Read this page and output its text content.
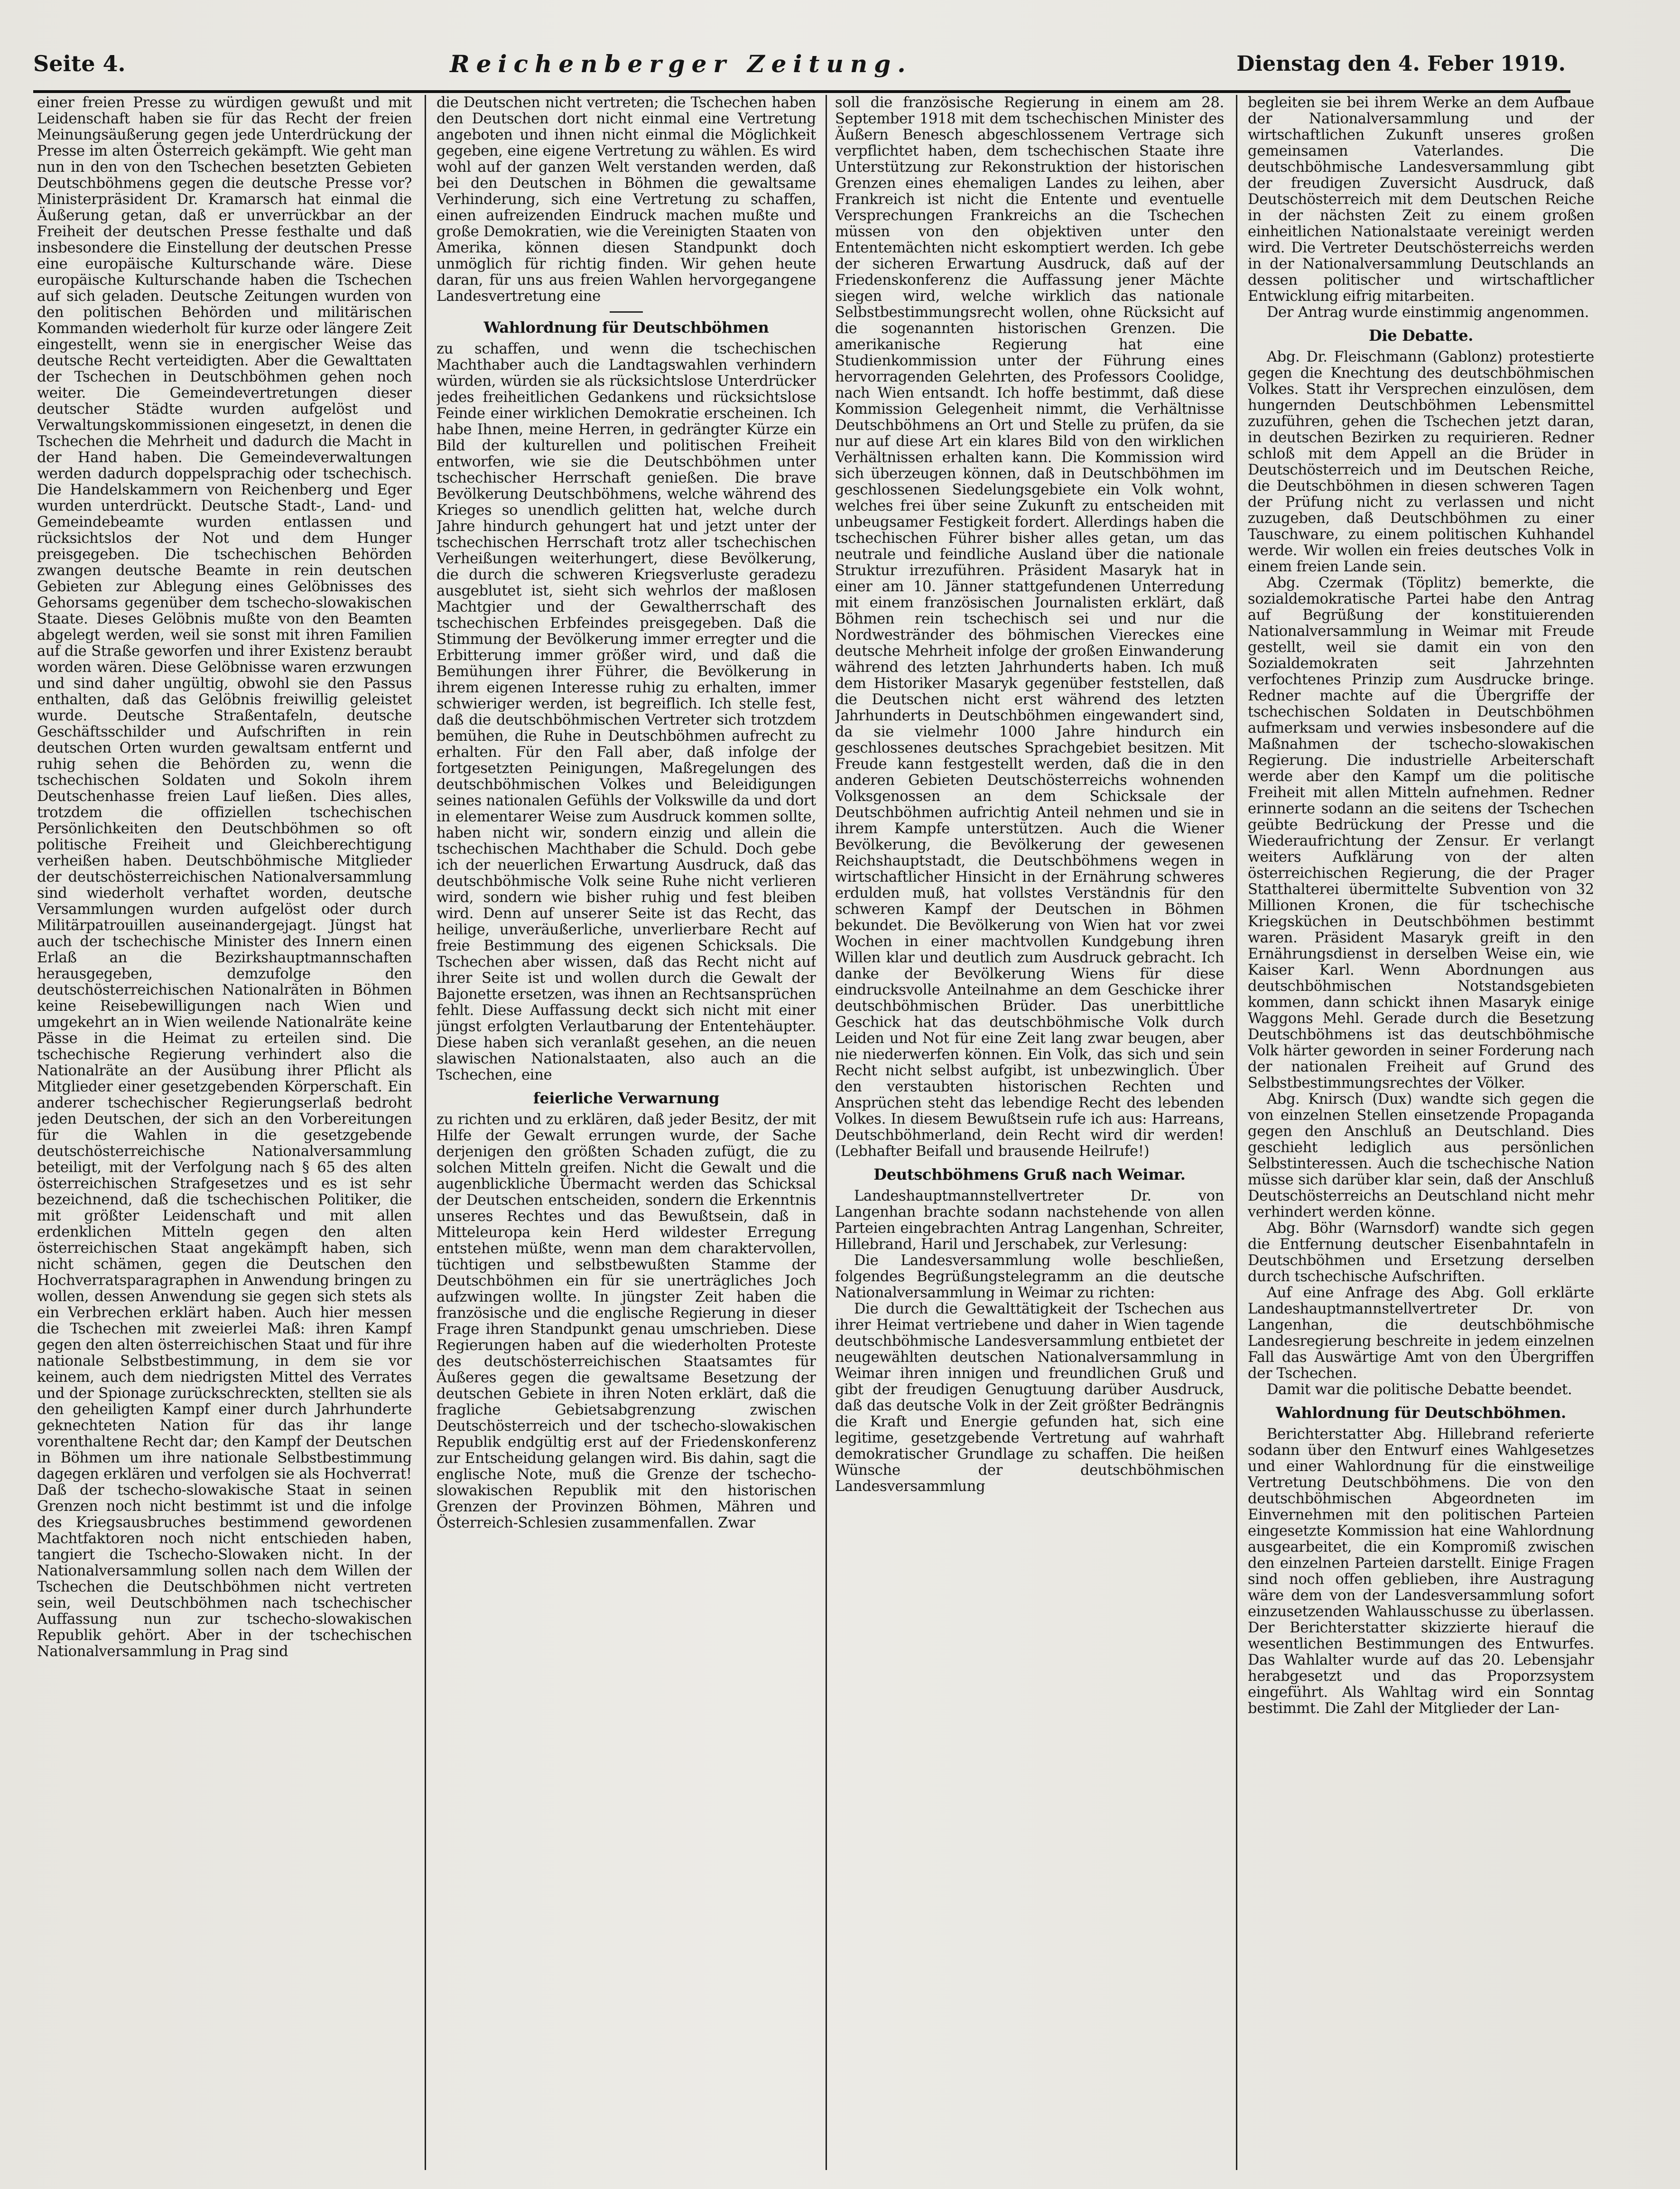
Seite 4.	Reichenberger Zeitung.	Dienstag den 4. Feber 1919.

einer freien Presse zu würdigen gewußt und mit Leidenschaft haben sie für das Recht der freien Meinungsäußerung gegen jede Unterdrückung der Presse im alten Österreich gekämpft. Wie geht man nun in den von den Tschechen besetzten Gebieten Deutschböhmens gegen die deutsche Presse vor? Ministerpräsident Dr. Kramarsch hat einmal die Äußerung getan, daß er unverrückbar an der Freiheit der deutschen Presse festhalte und daß insbesondere die Einstellung der deutschen Presse eine europäische Kulturschande wäre. Diese europäische Kulturschande haben die Tschechen auf sich geladen. Deutsche Zeitungen wurden von den politischen Behörden und militärischen Kommanden wiederholt für kurze oder längere Zeit eingestellt, wenn sie in energischer Weise das deutsche Recht verteidigten. Aber die Gewalttaten der Tschechen in Deutschböhmen gehen noch weiter. Die Gemeindevertretungen dieser deutscher Städte wurden aufgelöst und Verwaltungskommissionen eingesetzt, in denen die Tschechen die Mehrheit und dadurch die Macht in der Hand haben. Die Gemeindeverwaltungen werden dadurch doppelsprachig oder tschechisch. Die Handelskammern von Reichenberg und Eger wurden unterdrückt. Deutsche Stadt-, Land- und Gemeindebeamte wurden entlassen und rücksichtslos der Not und dem Hunger preisgegeben. Die tschechischen Behörden zwangen deutsche Beamte in rein deutschen Gebieten zur Ablegung eines Gelöbnisses des Gehorsams gegenüber dem tschecho-slowakischen Staate. Dieses Gelöbnis mußte von den Beamten abgelegt werden, weil sie sonst mit ihren Familien auf die Straße geworfen und ihrer Existenz beraubt worden wären. Diese Gelöbnisse waren erzwungen und sind daher ungültig, obwohl sie den Passus enthalten, daß das Gelöbnis freiwillig geleistet wurde. Deutsche Straßentafeln, deutsche Geschäftsschilder und Aufschriften in rein deutschen Orten wurden gewaltsam entfernt und ruhig sehen die Behörden zu, wenn die tschechischen Soldaten und Sokoln ihrem Deutschenhasse freien Lauf ließen. Dies alles, trotzdem die offiziellen tschechischen Persönlichkeiten den Deutschböhmen so oft politische Freiheit und Gleichberechtigung verheißen haben. Deutschböhmische Mitglieder der deutschösterreichischen Nationalversammlung sind wiederholt verhaftet worden, deutsche Versammlungen wurden aufgelöst oder durch Militärpatrouillen auseinandergejagt. Jüngst hat auch der tschechische Minister des Innern einen Erlaß an die Bezirkshauptmannschaften herausgegeben, demzufolge den deutschösterreichischen Nationalräten in Böhmen keine Reisebewilligungen nach Wien und umgekehrt an in Wien weilende Nationalräte keine Pässe in die Heimat zu erteilen sind. Die tschechische Regierung verhindert also die Nationalräte an der Ausübung ihrer Pflicht als Mitglieder einer gesetzgebenden Körperschaft. Ein anderer tschechischer Regierungserlaß bedroht jeden Deutschen, der sich an den Vorbereitungen für die Wahlen in die gesetzgebende deutschösterreichische Nationalversammlung beteiligt, mit der Verfolgung nach § 65 des alten österreichischen Strafgesetzes und es ist sehr bezeichnend, daß die tschechischen Politiker, die mit größter Leidenschaft und mit allen erdenklichen Mitteln gegen den alten österreichischen Staat angekämpft haben, sich nicht schämen, gegen die Deutschen den Hochverratsparagraphen in Anwendung bringen zu wollen, dessen Anwendung sie gegen sich stets als ein Verbrechen erklärt haben. Auch hier messen die Tschechen mit zweierlei Maß: ihren Kampf gegen den alten österreichischen Staat und für ihre nationale Selbstbestimmung, in dem sie vor keinem, auch dem niedrigsten Mittel des Verrates und der Spionage zurückschreckten, stellten sie als den geheiligten Kampf einer durch Jahrhunderte geknechteten Nation für das ihr lange vorenthaltene Recht dar; den Kampf der Deutschen in Böhmen um ihre nationale Selbstbestimmung dagegen erklären und verfolgen sie als Hochverrat! Daß der tschecho-slowakische Staat in seinen Grenzen noch nicht bestimmt ist und die infolge des Kriegsausbruches bestimmend gewordenen Machtfaktoren noch nicht entschieden haben, tangiert die Tschecho-Slowaken nicht. In der Nationalversammlung sollen nach dem Willen der Tschechen die Deutschböhmen nicht vertreten sein, weil Deutschböhmen nach tschechischer Auffassung nun zur tschecho-slowakischen Republik gehört. Aber in der tschechischen Nationalversammlung in Prag sind

die Deutschen nicht vertreten; die Tschechen haben den Deutschen dort nicht einmal eine Vertretung angeboten und ihnen nicht einmal die Möglichkeit gegeben, eine eigene Vertretung zu wählen. Es wird wohl auf der ganzen Welt verstanden werden, daß bei den Deutschen in Böhmen die gewaltsame Verhinderung, sich eine Vertretung zu schaffen, einen aufreizenden Eindruck machen mußte und große Demokratien, wie die Vereinigten Staaten von Amerika, können diesen Standpunkt doch unmöglich für richtig finden. Wir gehen heute daran, für uns aus freien Wahlen hervorgegangene Landesvertretung eine

Wahlordnung für Deutschböhmen

zu schaffen, und wenn die tschechischen Machthaber auch die Landtagswahlen verhindern würden, würden sie als rücksichtslose Unterdrücker jedes freiheitlichen Gedankens und rücksichtslose Feinde einer wirklichen Demokratie erscheinen. Ich habe Ihnen, meine Herren, in gedrängter Kürze ein Bild der kulturellen und politischen Freiheit entworfen, wie sie die Deutschböhmen unter tschechischer Herrschaft genießen. Die brave Bevölkerung Deutschböhmens, welche während des Krieges so unendlich gelitten hat, welche durch Jahre hindurch gehungert hat und jetzt unter der tschechischen Herrschaft trotz aller tschechischen Verheißungen weiterhungert, diese Bevölkerung, die durch die schweren Kriegsverluste geradezu ausgeblutet ist, sieht sich wehrlos der maßlosen Machtgier und der Gewaltherrschaft des tschechischen Erbfeindes preisgegeben. Daß die Stimmung der Bevölkerung immer erregter und die Erbitterung immer größer wird, und daß die Bemühungen ihrer Führer, die Bevölkerung in ihrem eigenen Interesse ruhig zu erhalten, immer schwieriger werden, ist begreiflich. Ich stelle fest, daß die deutschböhmischen Vertreter sich trotzdem bemühen, die Ruhe in Deutschböhmen aufrecht zu erhalten. Für den Fall aber, daß infolge der fortgesetzten Peinigungen, Maßregelungen des deutschböhmischen Volkes und Beleidigungen seines nationalen Gefühls der Volkswille da und dort in elementarer Weise zum Ausdruck kommen sollte, haben nicht wir, sondern einzig und allein die tschechischen Machthaber die Schuld. Doch gebe ich der neuerlichen Erwartung Ausdruck, daß das deutschböhmische Volk seine Ruhe nicht verlieren wird, sondern wie bisher ruhig und fest bleiben wird. Denn auf unserer Seite ist das Recht, das heilige, unveräußerliche, unverlierbare Recht auf freie Bestimmung des eigenen Schicksals. Die Tschechen aber wissen, daß das Recht nicht auf ihrer Seite ist und wollen durch die Gewalt der Bajonette ersetzen, was ihnen an Rechtsansprüchen fehlt. Diese Auffassung deckt sich nicht mit einer jüngst erfolgten Verlautbarung der Ententehäupter. Diese haben sich veranlaßt gesehen, an die neuen slawischen Nationalstaaten, also auch an die Tschechen, eine

feierliche Verwarnung

zu richten und zu erklären, daß jeder Besitz, der mit Hilfe der Gewalt errungen wurde, der Sache derjenigen den größten Schaden zufügt, die zu solchen Mitteln greifen. Nicht die Gewalt und die augenblickliche Übermacht werden das Schicksal der Deutschen entscheiden, sondern die Erkenntnis unseres Rechtes und das Bewußtsein, daß in Mitteleuropa kein Herd wildester Erregung entstehen müßte, wenn man dem charaktervollen, tüchtigen und selbstbewußten Stamme der Deutschböhmen ein für sie unerträgliches Joch aufzwingen wollte. In jüngster Zeit haben die französische und die englische Regierung in dieser Frage ihren Standpunkt genau umschrieben. Diese Regierungen haben auf die wiederholten Proteste des deutschösterreichischen Staatsamtes für Äußeres gegen die gewaltsame Besetzung der deutschen Gebiete in ihren Noten erklärt, daß die fragliche Gebietsabgrenzung zwischen Deutschösterreich und der tschecho-slowakischen Republik endgültig erst auf der Friedenskonferenz zur Entscheidung gelangen wird. Bis dahin, sagt die englische Note, muß die Grenze der tschecho-slowakischen Republik mit den historischen Grenzen der Provinzen Böhmen, Mähren und Österreich-Schlesien zusammenfallen. Zwar

soll die französische Regierung in einem am 28. September 1918 mit dem tschechischen Minister des Äußern Benesch abgeschlossenem Vertrage sich verpflichtet haben, dem tschechischen Staate ihre Unterstützung zur Rekonstruktion der historischen Grenzen eines ehemaligen Landes zu leihen, aber Frankreich ist nicht die Entente und eventuelle Versprechungen Frankreichs an die Tschechen müssen von den objektiven unter den Ententemächten nicht eskomptiert werden. Ich gebe der sicheren Erwartung Ausdruck, daß auf der Friedenskonferenz die Auffassung jener Mächte siegen wird, welche wirklich das nationale Selbstbestimmungsrecht wollen, ohne Rücksicht auf die sogenannten historischen Grenzen. Die amerikanische Regierung hat eine Studienkommission unter der Führung eines hervorragenden Gelehrten, des Professors Coolidge, nach Wien entsandt. Ich hoffe bestimmt, daß diese Kommission Gelegenheit nimmt, die Verhältnisse Deutschböhmens an Ort und Stelle zu prüfen, da sie nur auf diese Art ein klares Bild von den wirklichen Verhältnissen erhalten kann. Die Kommission wird sich überzeugen können, daß in Deutschböhmen im geschlossenen Siedelungsgebiete ein Volk wohnt, welches frei über seine Zukunft zu entscheiden mit unbeugsamer Festigkeit fordert. Allerdings haben die tschechischen Führer bisher alles getan, um das neutrale und feindliche Ausland über die nationale Struktur irrezuführen. Präsident Masaryk hat in einer am 10. Jänner stattgefundenen Unterredung mit einem französischen Journalisten erklärt, daß Böhmen rein tschechisch sei und nur die Nordwestränder des böhmischen Viereckes eine deutsche Mehrheit infolge der großen Einwanderung während des letzten Jahrhunderts haben. Ich muß dem Historiker Masaryk gegenüber feststellen, daß die Deutschen nicht erst während des letzten Jahrhunderts in Deutschböhmen eingewandert sind, da sie vielmehr 1000 Jahre hindurch ein geschlossenes deutsches Sprachgebiet besitzen. Mit Freude kann festgestellt werden, daß die in den anderen Gebieten Deutschösterreichs wohnenden Volksgenossen an dem Schicksale der Deutschböhmen aufrichtig Anteil nehmen und sie in ihrem Kampfe unterstützen. Auch die Wiener Bevölkerung, die Bevölkerung der gewesenen Reichshauptstadt, die Deutschböhmens wegen in wirtschaftlicher Hinsicht in der Ernährung schweres erdulden muß, hat vollstes Verständnis für den schweren Kampf der Deutschen in Böhmen bekundet. Die Bevölkerung von Wien hat vor zwei Wochen in einer machtvollen Kundgebung ihren Willen klar und deutlich zum Ausdruck gebracht. Ich danke der Bevölkerung Wiens für diese eindrucksvolle Anteilnahme an dem Geschicke ihrer deutschböhmischen Brüder. Das unerbittliche Geschick hat das deutschböhmische Volk durch Leiden und Not für eine Zeit lang zwar beugen, aber nie niederwerfen können. Ein Volk, das sich und sein Recht nicht selbst aufgibt, ist unbezwinglich. Über den verstaubten historischen Rechten und Ansprüchen steht das lebendige Recht des lebenden Volkes. In diesem Bewußtsein rufe ich aus: Harreans, Deutschböhmerland, dein Recht wird dir werden! (Lebhafter Beifall und brausende Heilrufe!)

Deutschböhmens Gruß nach Weimar.

Landeshauptmannstellvertreter Dr. von Langenhan brachte sodann nachstehende von allen Parteien eingebrachten Antrag Langenhan, Schreiter, Hillebrand, Haril und Jerschabek, zur Verlesung:

Die Landesversammlung wolle beschließen, folgendes Begrüßungstelegramm an die deutsche Nationalversammlung in Weimar zu richten:

Die durch die Gewalttätigkeit der Tschechen aus ihrer Heimat vertriebene und daher in Wien tagende deutschböhmische Landesversammlung entbietet der neugewählten deutschen Nationalversammlung in Weimar ihren innigen und freundlichen Gruß und gibt der freudigen Genugtuung darüber Ausdruck, daß das deutsche Volk in der Zeit größter Bedrängnis die Kraft und Energie gefunden hat, sich eine legitime, gesetzgebende Vertretung auf wahrhaft demokratischer Grundlage zu schaffen. Die heißen Wünsche der deutschböhmischen Landesversammlung

begleiten sie bei ihrem Werke an dem Aufbaue der Nationalversammlung und der wirtschaftlichen Zukunft unseres großen gemeinsamen Vaterlandes. Die deutschböhmische Landesversammlung gibt der freudigen Zuversicht Ausdruck, daß Deutschösterreich mit dem Deutschen Reiche in der nächsten Zeit zu einem großen einheitlichen Nationalstaate vereinigt werden wird. Die Vertreter Deutschösterreichs werden in der Nationalversammlung Deutschlands an dessen politischer und wirtschaftlicher Entwicklung eifrig mitarbeiten.

Der Antrag wurde einstimmig angenommen.

Die Debatte.

Abg. Dr. Fleischmann (Gablonz) protestierte gegen die Knechtung des deutschböhmischen Volkes. Statt ihr Versprechen einzulösen, dem hungernden Deutschböhmen Lebensmittel zuzuführen, gehen die Tschechen jetzt daran, in deutschen Bezirken zu requirieren. Redner schloß mit dem Appell an die Brüder in Deutschösterreich und im Deutschen Reiche, die Deutschböhmen in diesen schweren Tagen der Prüfung nicht zu verlassen und nicht zuzugeben, daß Deutschböhmen zu einer Tauschware, zu einem politischen Kuhhandel werde. Wir wollen ein freies deutsches Volk in einem freien Lande sein.

Abg. Czermak (Töplitz) bemerkte, die sozialdemokratische Partei habe den Antrag auf Begrüßung der konstituierenden Nationalversammlung in Weimar mit Freude gestellt, weil sie damit ein von den Sozialdemokraten seit Jahrzehnten verfochtenes Prinzip zum Ausdrucke bringe. Redner machte auf die Übergriffe der tschechischen Soldaten in Deutschböhmen aufmerksam und verwies insbesondere auf die Maßnahmen der tschecho-slowakischen Regierung. Die industrielle Arbeiterschaft werde aber den Kampf um die politische Freiheit mit allen Mitteln aufnehmen. Redner erinnerte sodann an die seitens der Tschechen geübte Bedrückung der Presse und die Wiederaufrichtung der Zensur. Er verlangt weiters Aufklärung von der alten österreichischen Regierung, die der Prager Statthalterei übermittelte Subvention von 32 Millionen Kronen, die für tschechische Kriegsküchen in Deutschböhmen bestimmt waren. Präsident Masaryk greift in den Ernährungsdienst in derselben Weise ein, wie Kaiser Karl. Wenn Abordnungen aus deutschböhmischen Notstandsgebieten kommen, dann schickt ihnen Masaryk einige Waggons Mehl. Gerade durch die Besetzung Deutschböhmens ist das deutschböhmische Volk härter geworden in seiner Forderung nach der nationalen Freiheit auf Grund des Selbstbestimmungsrechtes der Völker.

Abg. Knirsch (Dux) wandte sich gegen die von einzelnen Stellen einsetzende Propaganda gegen den Anschluß an Deutschland. Dies geschieht lediglich aus persönlichen Selbstinteressen. Auch die tschechische Nation müsse sich darüber klar sein, daß der Anschluß Deutschösterreichs an Deutschland nicht mehr verhindert werden könne.

Abg. Böhr (Warnsdorf) wandte sich gegen die Entfernung deutscher Eisenbahntafeln in Deutschböhmen und Ersetzung derselben durch tschechische Aufschriften.

Auf eine Anfrage des Abg. Goll erklärte Landeshauptmannstellvertreter Dr. von Langenhan, die deutschböhmische Landesregierung beschreite in jedem einzelnen Fall das Auswärtige Amt von den Übergriffen der Tschechen.

Damit war die politische Debatte beendet.

Wahlordnung für Deutschböhmen.

Berichterstatter Abg. Hillebrand referierte sodann über den Entwurf eines Wahlgesetzes und einer Wahlordnung für die einstweilige Vertretung Deutschböhmens. Die von den deutschböhmischen Abgeordneten im Einvernehmen mit den politischen Parteien eingesetzte Kommission hat eine Wahlordnung ausgearbeitet, die ein Kompromiß zwischen den einzelnen Parteien darstellt. Einige Fragen sind noch offen geblieben, ihre Austragung wäre dem von der Landesversammlung sofort einzusetzenden Wahlausschusse zu überlassen. Der Berichterstatter skizzierte hierauf die wesentlichen Bestimmungen des Entwurfes. Das Wahlalter wurde auf das 20. Lebensjahr herabgesetzt und das Proporzsystem eingeführt. Als Wahltag wird ein Sonntag bestimmt. Die Zahl der Mitglieder der Lan-
